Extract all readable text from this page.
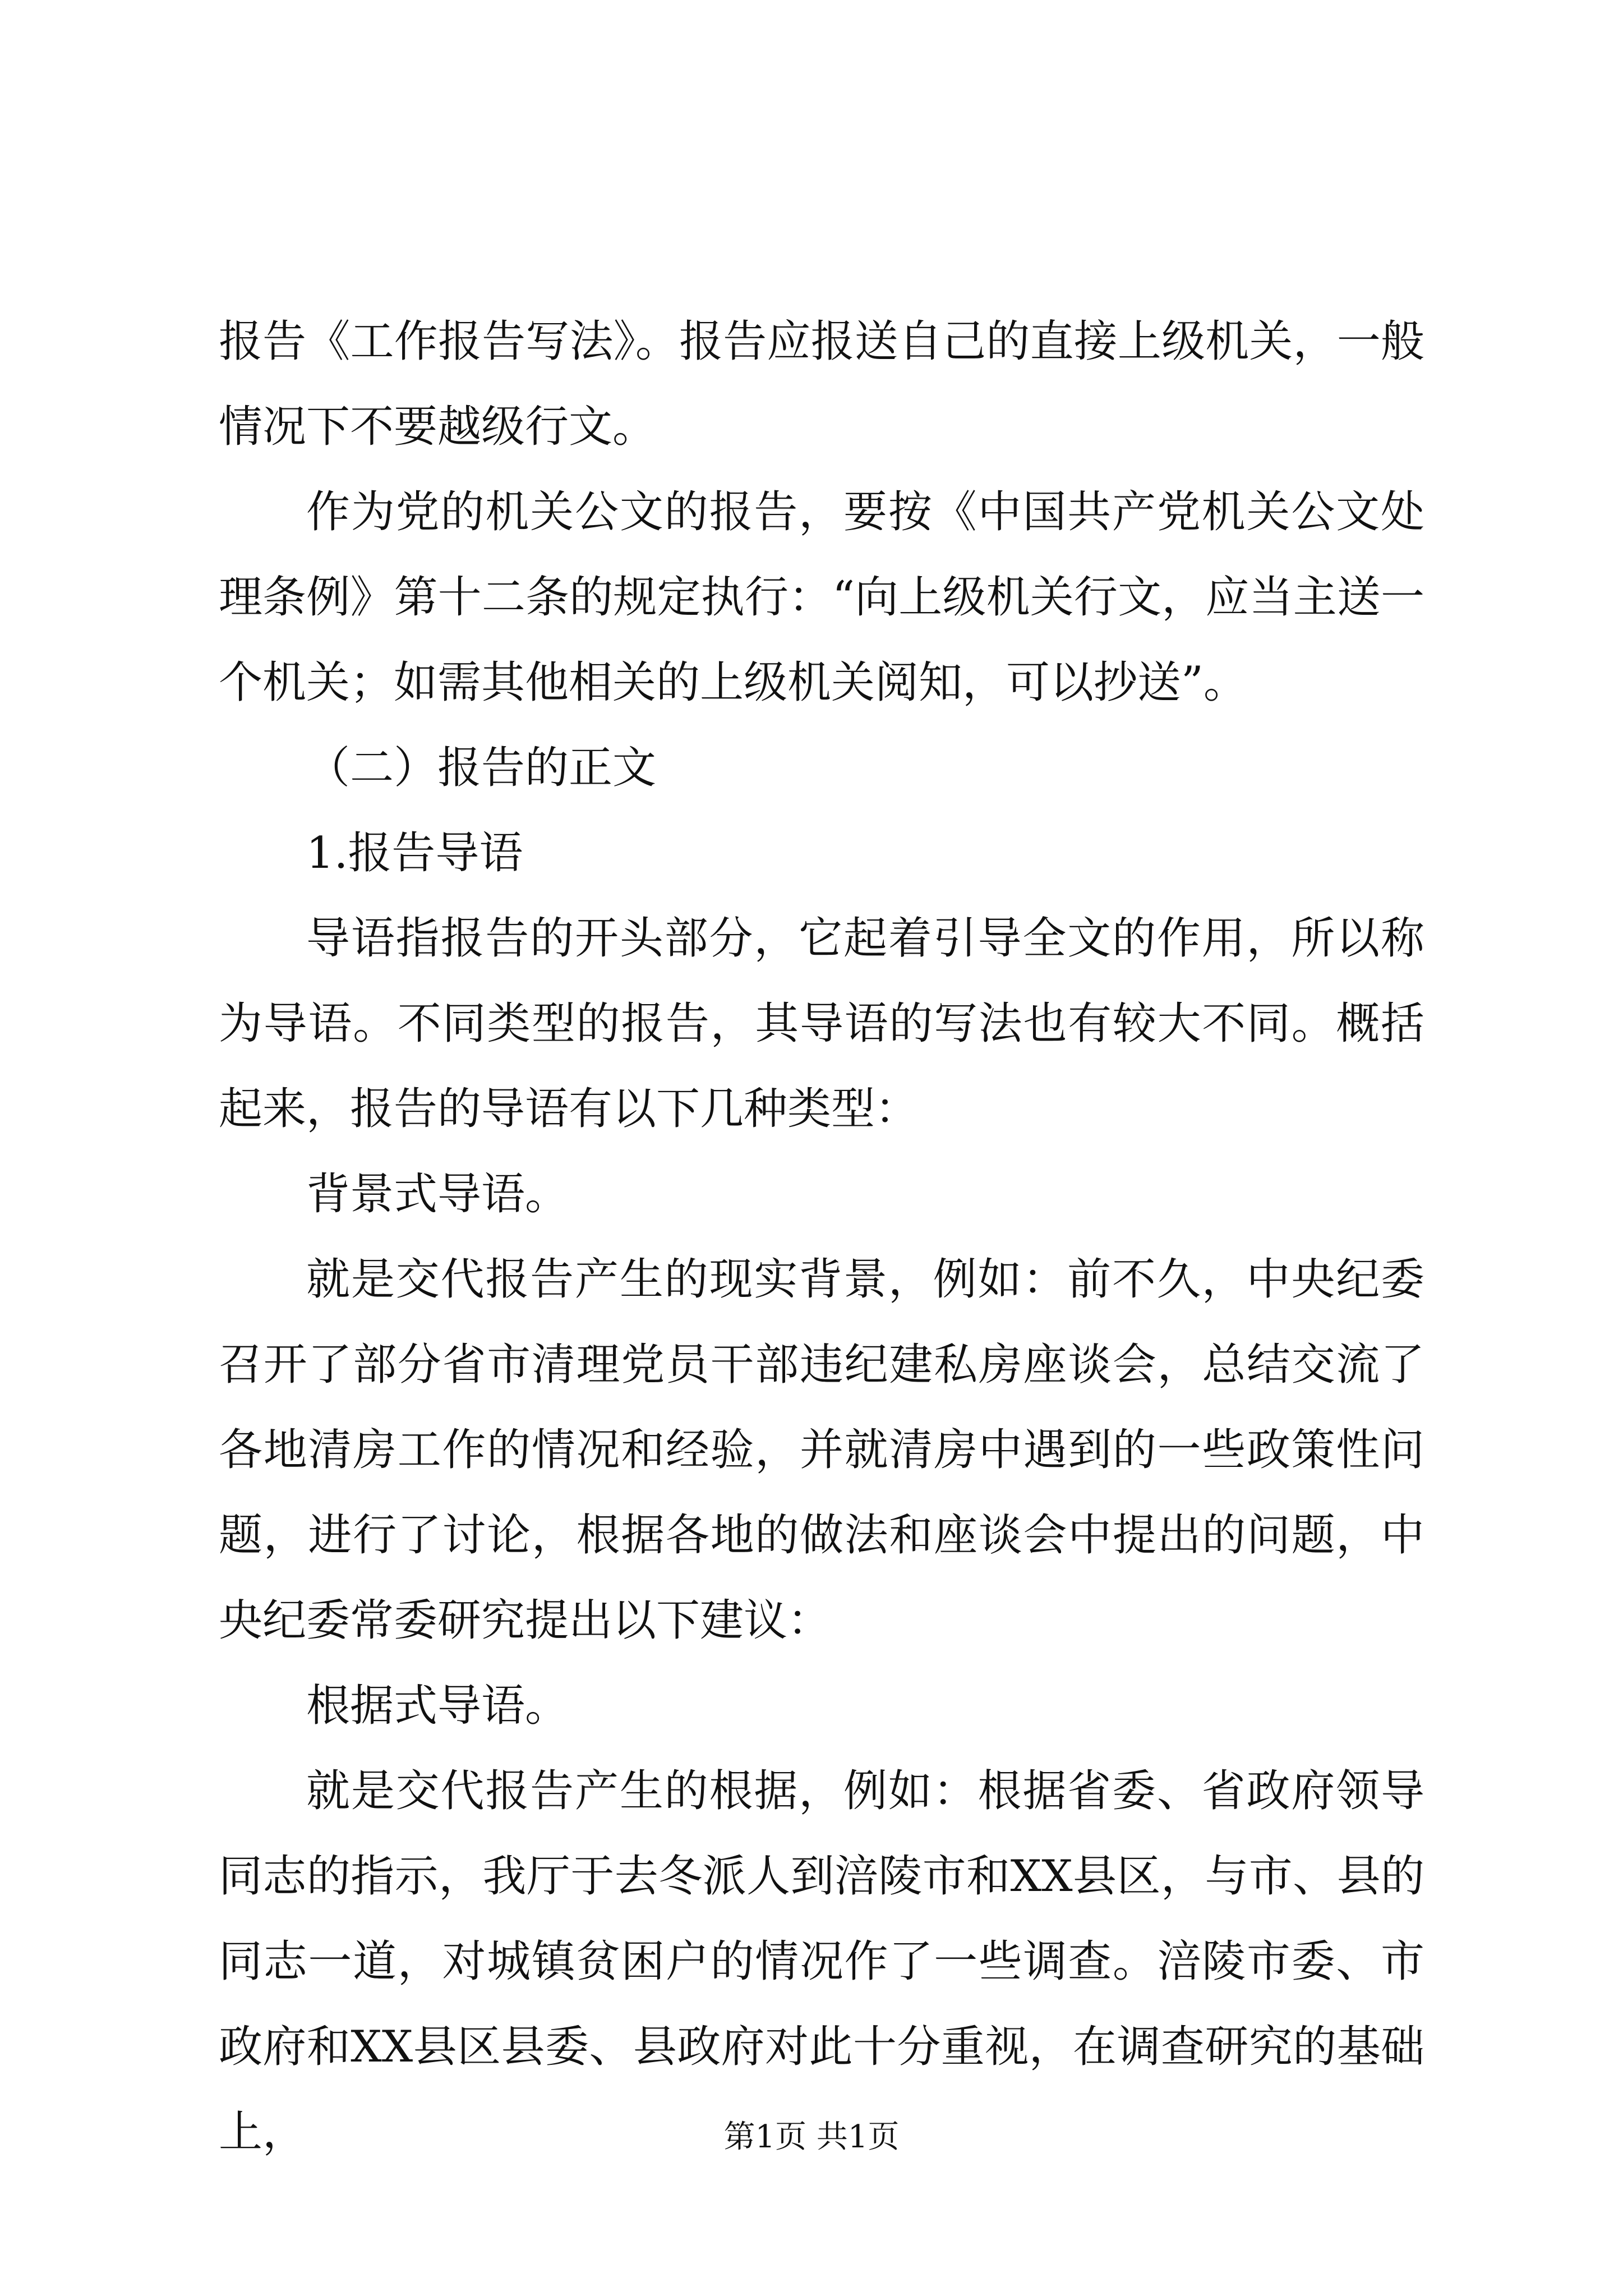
报告《工作报告写法》。报告应报送自己的直接上级机关，一般情况下不要越级行文。

作为党的机关公文的报告，要按《中国共产党机关公文处理条例》第十二条的规定执行：“向上级机关行文，应当主送一个机关；如需其他相关的上级机关阅知，可以抄送”。

（二）报告的正文

1.报告导语

导语指报告的开头部分，它起着引导全文的作用，所以称为导语。不同类型的报告，其导语的写法也有较大不同。概括起来，报告的导语有以下几种类型：

背景式导语。

就是交代报告产生的现实背景，例如：前不久，中央纪委召开了部分省市清理党员干部违纪建私房座谈会，总结交流了各地清房工作的情况和经验，并就清房中遇到的一些政策性问题，进行了讨论，根据各地的做法和座谈会中提出的问题，中央纪委常委研究提出以下建议：

根据式导语。

就是交代报告产生的根据，例如：根据省委、省政府领导同志的指示，我厅于去冬派人到涪陵市和XX县区，与市、县的同志一道，对城镇贫困户的情况作了一些调查。涪陵市委、市政府和XX县区县委、县政府对此十分重视，在调查研究的基础上，	第1页 共1页
